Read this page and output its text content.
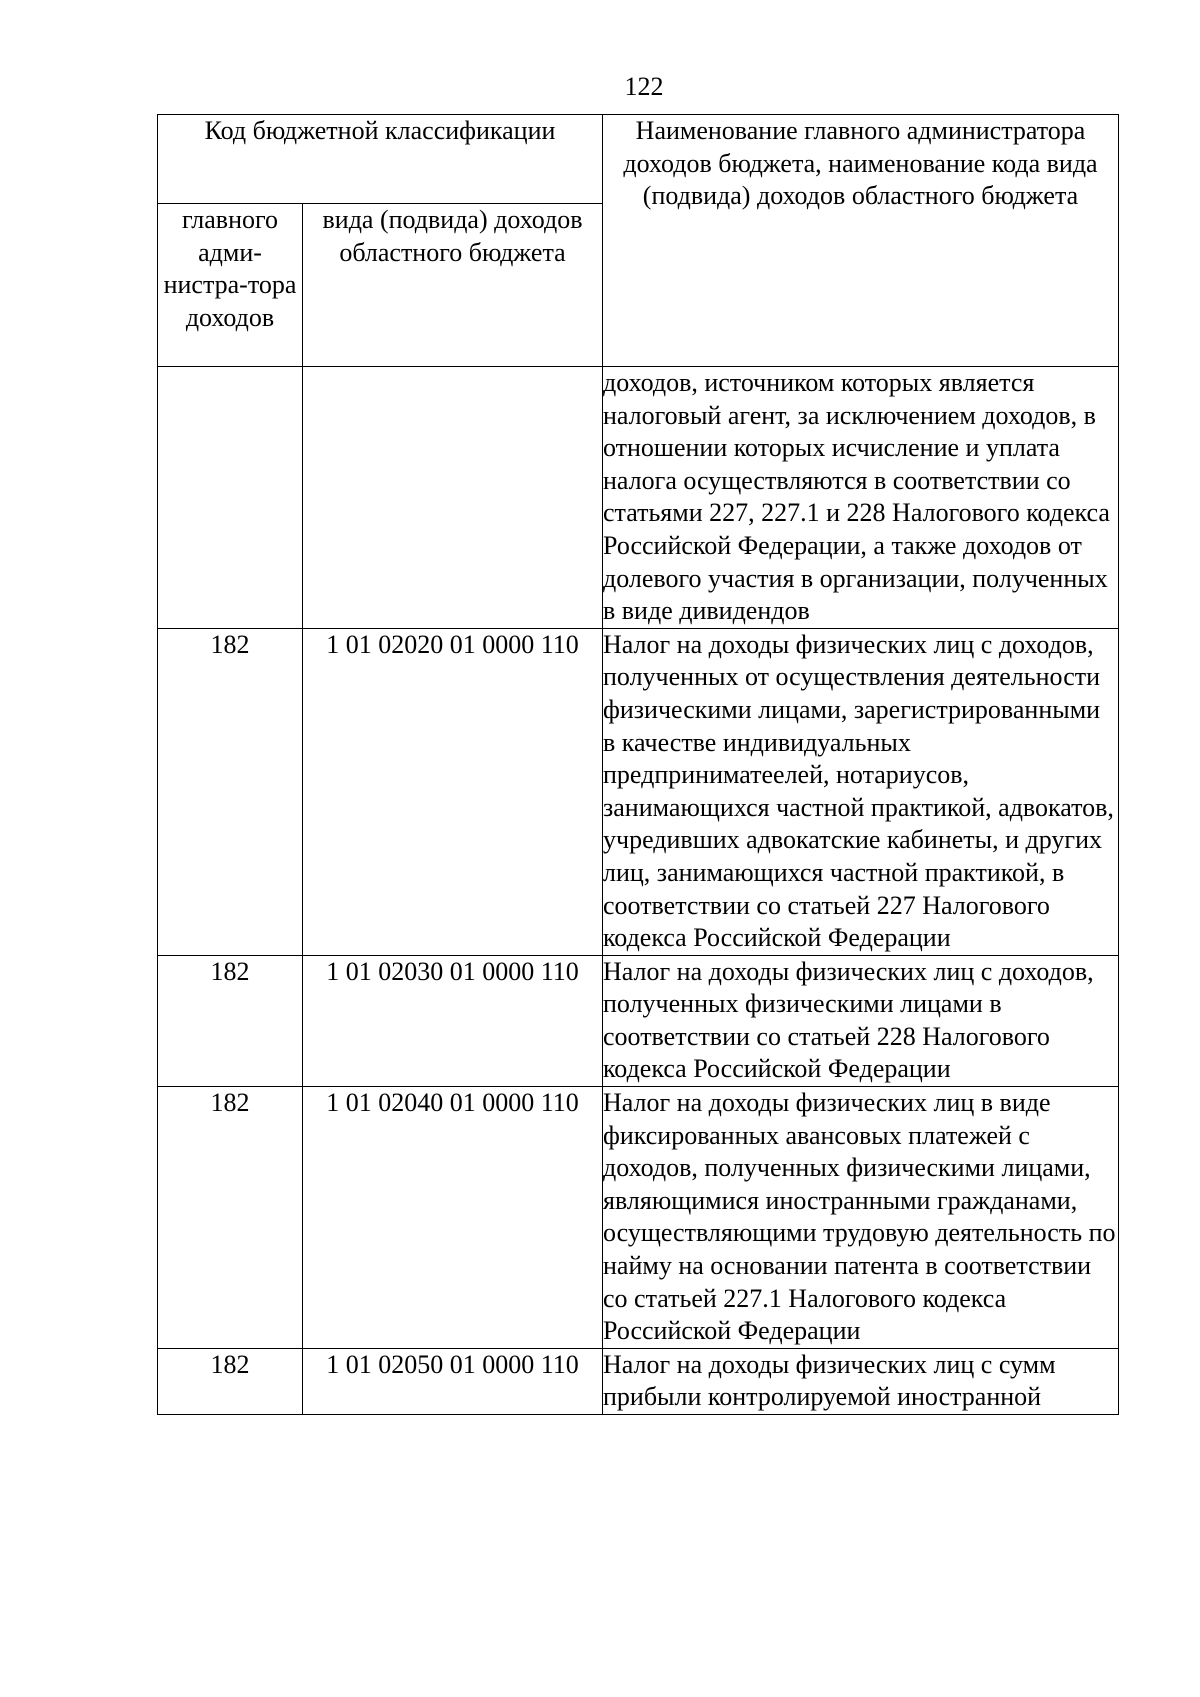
122
Код бюджетной классификации		Наименование главного администратора доходов бюджета, наименование кода вида (подвида) доходов областного бюджета
главного адми-нистра-тора доходов	вида (подвида) доходов областного бюджета	
		доходов, источником которых является налоговый агент, за исключением доходов, в отношении которых исчисление и уплата налога осуществляются в соответствии со статьями 227, 227.1 и 228 Налогового кодекса Российской Федерации, а также доходов от долевого участия в организации, полученных в виде дивидендов
182	1 01 02020 01 0000 110	Налог на доходы физических лиц с доходов, полученных от осуществления деятельности физическими лицами, зарегистрированными в качестве индивидуальных предприниматеелей, нотариусов, занимающихся частной практикой, адвокатов, учредивших адвокатские кабинеты, и других лиц, занимающихся частной практикой, в соответствии со статьей 227 Налогового кодекса Российской Федерации
182	1 01 02030 01 0000 110	Налог на доходы физических лиц с доходов, полученных физическими лицами в соответствии со статьей 228 Налогового кодекса Российской Федерации
182	1 01 02040 01 0000 110	Налог на доходы физических лиц в виде фиксированных авансовых платежей с доходов, полученных физическими лицами, являющимися иностранными гражданами, осуществляющими трудовую деятельность по найму на основании патента в соответствии со статьей 227.1 Налогового кодекса Российской Федерации
182	1 01 02050 01 0000 110	Налог на доходы физических лиц с сумм прибыли контролируемой иностранной
